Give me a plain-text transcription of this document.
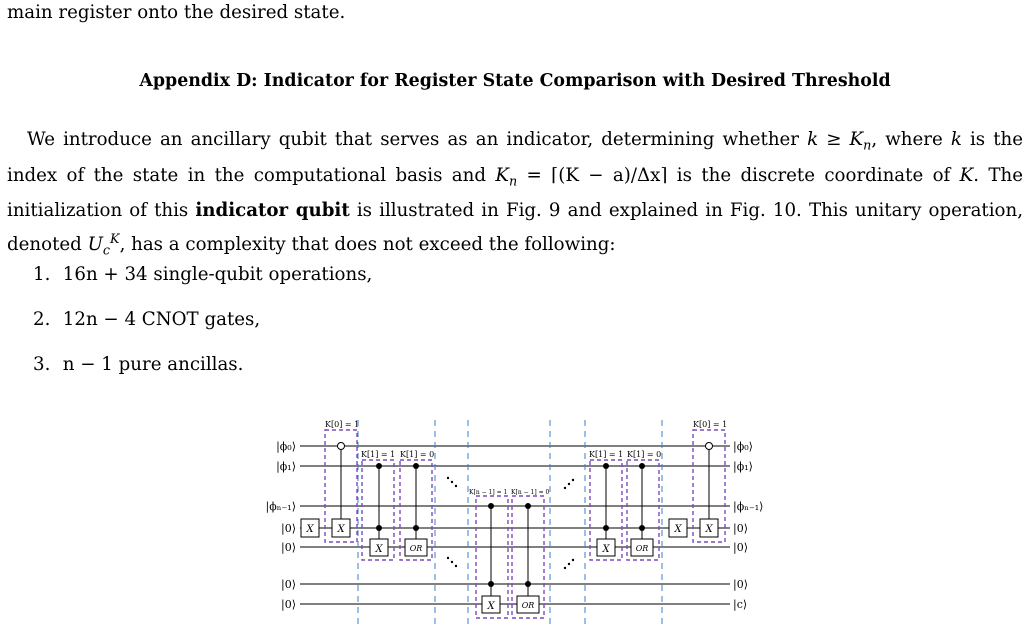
main register onto the desired state.

Appendix D: Indicator for Register State Comparison with Desired Threshold

We introduce an ancillary qubit that serves as an indicator, determining whether $k \ge K_n$, where k is the index of the state in the computational basis and $K_n$ = ⌈(K − a)/Δx⌉ is the discrete coordinate of K. The initialization of this indicator qubit is illustrated in Fig. 9 and explained in Fig. 10. This unitary operation, denoted $U_c^K$, has a complexity that does not exceed the following:

1. 16n + 34 single-qubit operations,
2. 12n − 4 CNOT gates,
3. n − 1 pure ancillas.
K[0] = 1
K[1] = 1 K[1] = 0
K[n − 1] = 1 K[n − 1] = 0
K[1] = 1 K[1] = 0
K[0] = 1
|ϕ₀⟩
|ϕ₁⟩
|ϕₙ₋₁⟩
|0⟩
|0⟩
|0⟩
|0⟩
|ϕ₀⟩
|ϕ₁⟩
|ϕₙ₋₁⟩
|0⟩
|0⟩
|0⟩
|c⟩
X X
X	OR
X	OR
X	OR
X X
